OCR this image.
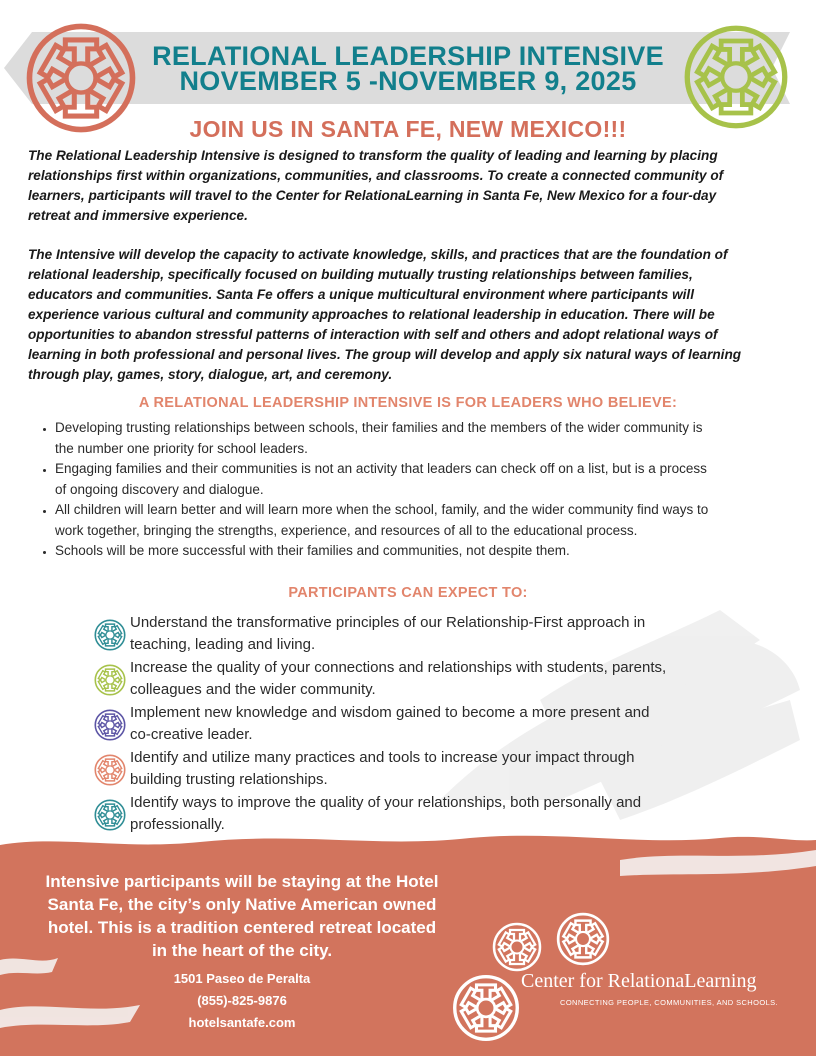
RELATIONAL LEADERSHIP INTENSIVE
NOVEMBER 5 -NOVEMBER 9, 2025
JOIN US IN SANTA FE, NEW MEXICO!!!
The Relational Leadership Intensive is designed to transform the quality of leading and learning by placing
relationships first within organizations, communities, and classrooms. To create a connected community of
learners, participants will travel to the Center for RelationaLearning in Santa Fe, New Mexico for a four-day
retreat and immersive experience.
The Intensive will develop the capacity to activate knowledge, skills, and practices that are the foundation of
relational leadership, specifically focused on building mutually trusting relationships between families,
educators and communities. Santa Fe offers a unique multicultural environment where participants will
experience various cultural and community approaches to relational leadership in education. There will be
opportunities to abandon stressful patterns of interaction with self and others and adopt relational ways of
learning in both professional and personal lives. The group will develop and apply six natural ways of learning
through play, games, story, dialogue, art, and ceremony.
A RELATIONAL LEADERSHIP INTENSIVE IS FOR LEADERS WHO BELIEVE:
• Developing trusting relationships between schools, their families and the members of the wider community is
the number one priority for school leaders.
• Engaging families and their communities is not an activity that leaders can check off on a list, but is a process
of ongoing discovery and dialogue.
• All children will learn better and will learn more when the school, family, and the wider community find ways to
work together, bringing the strengths, experience, and resources of all to the educational process.
• Schools will be more successful with their families and communities, not despite them.
PARTICIPANTS CAN EXPECT TO:
Understand the transformative principles of our Relationship-First approach in
teaching, leading and living.
Increase the quality of your connections and relationships with students, parents,
colleagues and the wider community.
Implement new knowledge and wisdom gained to become a more present and
co-creative leader.
Identify and utilize many practices and tools to increase your impact through
building trusting relationships.
Identify ways to improve the quality of your relationships, both personally and
professionally.
Intensive participants will be staying at the Hotel
Santa Fe, the city’s only Native American owned
hotel. This is a tradition centered retreat located
in the heart of the city.
1501 Paseo de Peralta
(855)-825-9876
hotelsantafe.com
Center for RelationaLearning
CONNECTING PEOPLE, COMMUNITIES, AND SCHOOLS.
